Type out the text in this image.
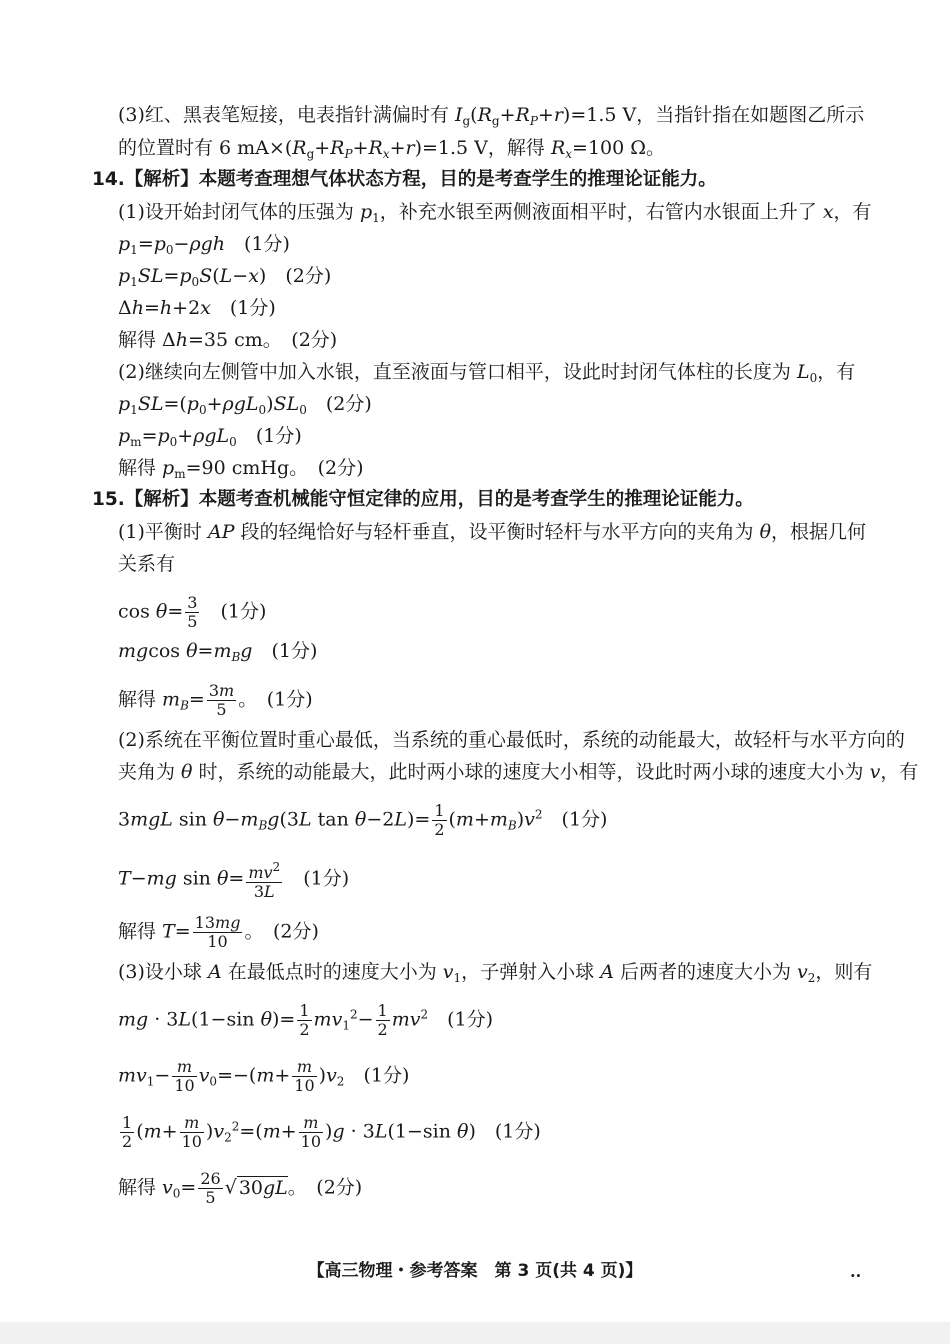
(3)红、黑表笔短接，电表指针满偏时有 $I_g(R_g+R_P+r)=1.5$ V，当指针指在如题图乙所示
的位置时有 6 $mA\times(R_g+R_P+R_x+r)=1.5$ V，解得 $R_x=100$ Ω。
14.【解析】本题考查理想气体状态方程，目的是考查学生的推理论证能力。
(1)设开始封闭气体的压强为 $p_1$，补充水银至两侧液面相平时，右管内水银面上升了 x，有
$p_1=p_0-\rho gh$　(1分)
$p_1SL=p_0S(L-x)$　(2分)
Δh=h+2x　(1分)
解得 Δh=35 cm。　(2分)
(2)继续向左侧管中加入水银，直至液面与管口相平，设此时封闭气体柱的长度为 $L_0$，有
$p_1SL=(p_0+\rho gL_0)SL_0$　(2分)
$p_m=p_0+\rho gL_0$　(1分)
解得 $p_m=90$ cmHg。　(2分)
15.【解析】本题考查机械能守恒定律的应用，目的是考查学生的推理论证能力。
(1)平衡时 AP 段的轻绳恰好与轻杆垂直，设平衡时轻杆与水平方向的夹角为 θ，根据几何
关系有
$\cos \theta= \frac{3}{5}$ 　(1分)
mgcos $\theta=m_Bg$　(1分)
解得 $m_B= \frac{3m}{5}$ 。　(1分)
(2)系统在平衡位置时重心最低，当系统的重心最低时，系统的动能最大，故轻杆与水平方向的
夹角为 θ 时，系统的动能最大，此时两小球的速度大小相等，设此时两小球的速度大小为 v，有
3mgL $\sin \theta-m_Bg(3L$ $\tan \theta-2L)= \frac{1}{2} (m+m_B)v^2$　(1分)
T−mg $\sin \theta= \frac{mv^2}{3L}$ 　(1分)
解得 $T= \frac{13mg}{10}$ 。　(2分)
(3)设小球 A 在最低点时的速度大小为 $v_1$，子弹射入小球 A 后两者的速度大小为 $v_2$，则有
mg · 3L(1−sin $\theta)= \frac{1}{2} mv_1^2- \frac{1}{2} mv^2$　(1分)
$mv_1- \frac{m}{10} v_0=-(m+ \frac{m}{10} )v_2$　(1分)
$\frac{1}{2} (m+ \frac{m}{10} )v_2^2=(m+ \frac{m}{10} )g \cdot 3L(1-\sin$ θ)　(1分)
解得 $v_0= \frac{26}{5}$ √ 30gL。　(2分)
【高三物理・参考答案　第 3 页(共 4 页)】	..
